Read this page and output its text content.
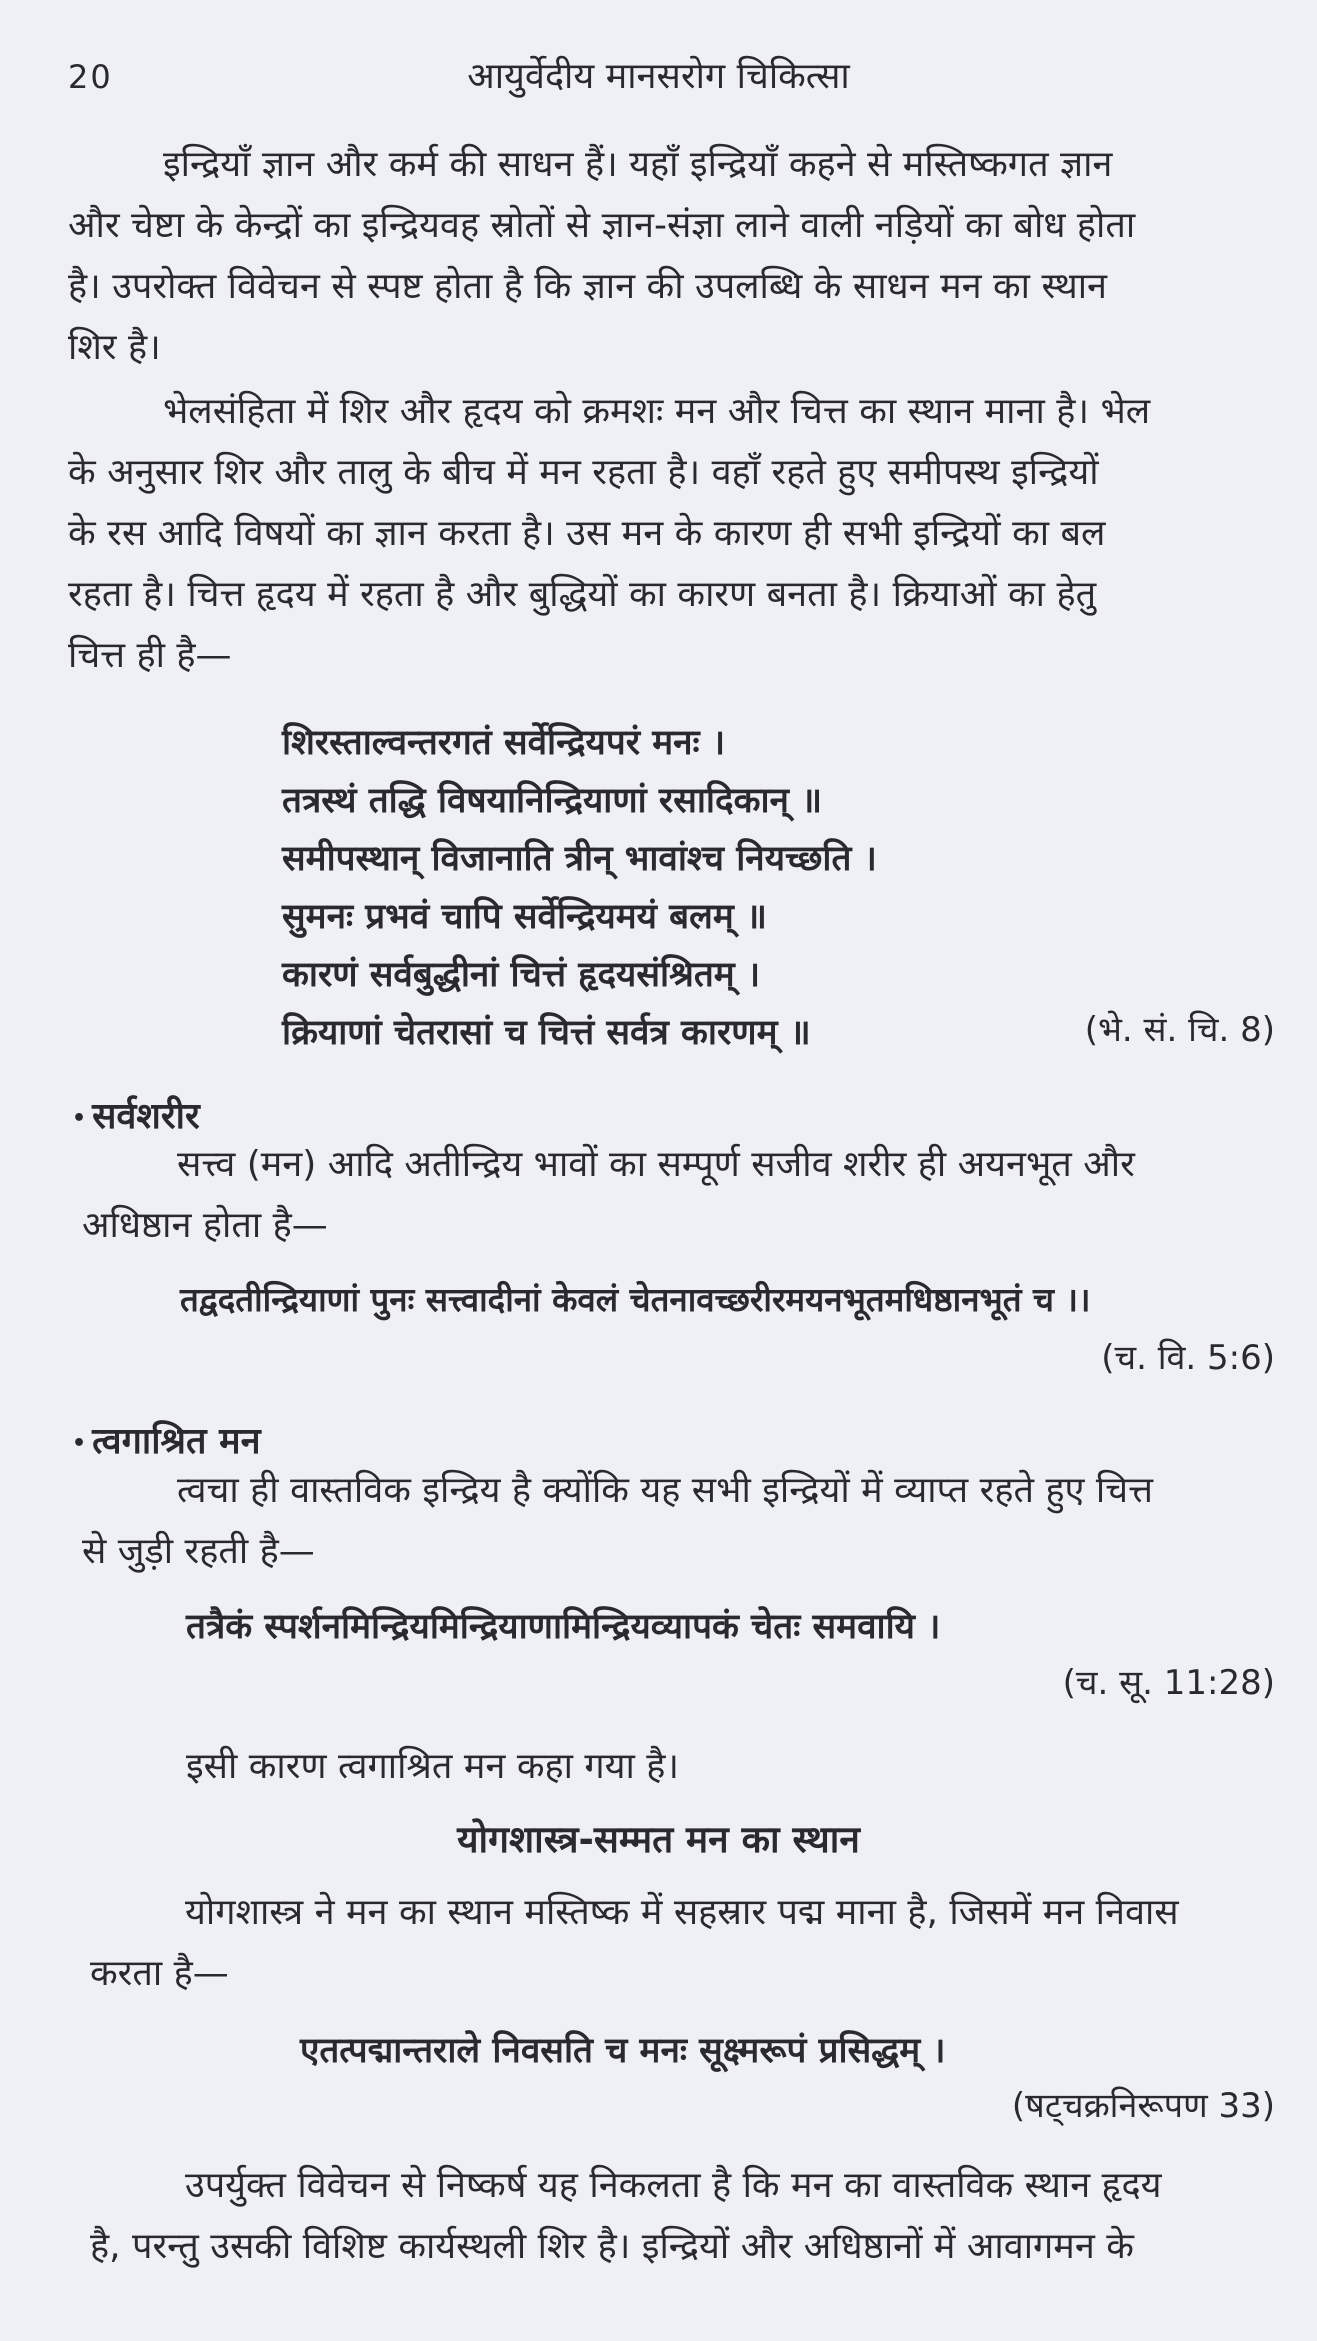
20	आयुर्वेदीय मानसरोग चिकित्सा
इन्द्रियाँ ज्ञान और कर्म की साधन हैं। यहाँ इन्द्रियाँ कहने से मस्तिष्कगत ज्ञान
और चेष्टा के केन्द्रों का इन्द्रियवह स्रोतों से ज्ञान-संज्ञा लाने वाली नड़ियों का बोध होता
है। उपरोक्त विवेचन से स्पष्ट होता है कि ज्ञान की उपलब्धि के साधन मन का स्थान
शिर है।
भेलसंहिता में शिर और हृदय को क्रमशः मन और चित्त का स्थान माना है। भेल
के अनुसार शिर और तालु के बीच में मन रहता है। वहाँ रहते हुए समीपस्थ इन्द्रियों
के रस आदि विषयों का ज्ञान करता है। उस मन के कारण ही सभी इन्द्रियों का बल
रहता है। चित्त हृदय में रहता है और बुद्धियों का कारण बनता है। क्रियाओं का हेतु
चित्त ही है—
शिरस्ताल्वन्तरगतं सर्वेन्द्रियपरं मनः ।
तत्रस्थं तद्धि विषयानिन्द्रियाणां रसादिकान् ॥
समीपस्थान् विजानाति त्रीन् भावांश्च नियच्छति ।
सुमनः प्रभवं चापि सर्वेन्द्रियमयं बलम् ॥
कारणं सर्वबुद्धीनां चित्तं हृदयसंश्रितम् ।
क्रियाणां चेतरासां च चित्तं सर्वत्र कारणम् ॥	(भे. सं. चि. 8)
• सर्वशरीर
सत्त्व (मन) आदि अतीन्द्रिय भावों का सम्पूर्ण सजीव शरीर ही अयनभूत और
अधिष्ठान होता है—
तद्वदतीन्द्रियाणां पुनः सत्त्वादीनां केवलं चेतनावच्छरीरमयनभूतमधिष्ठानभूतं च ।।
(च. वि. 5:6)
• त्वगाश्रित मन
त्वचा ही वास्तविक इन्द्रिय है क्योंकि यह सभी इन्द्रियों में व्याप्त रहते हुए चित्त
से जुड़ी रहती है—
तत्रैकं स्पर्शनमिन्द्रियमिन्द्रियाणामिन्द्रियव्यापकं चेतः समवायि ।
(च. सू. 11:28)
इसी कारण त्वगाश्रित मन कहा गया है।
योगशास्त्र-सम्मत मन का स्थान
योगशास्त्र ने मन का स्थान मस्तिष्क में सहस्रार पद्म माना है, जिसमें मन निवास
करता है—
एतत्पद्मान्तराले निवसति च मनः सूक्ष्मरूपं प्रसिद्धम् ।
(षट्चक्रनिरूपण 33)
उपर्युक्त विवेचन से निष्कर्ष यह निकलता है कि मन का वास्तविक स्थान हृदय
है, परन्तु उसकी विशिष्ट कार्यस्थली शिर है। इन्द्रियों और अधिष्ठानों में आवागमन के
